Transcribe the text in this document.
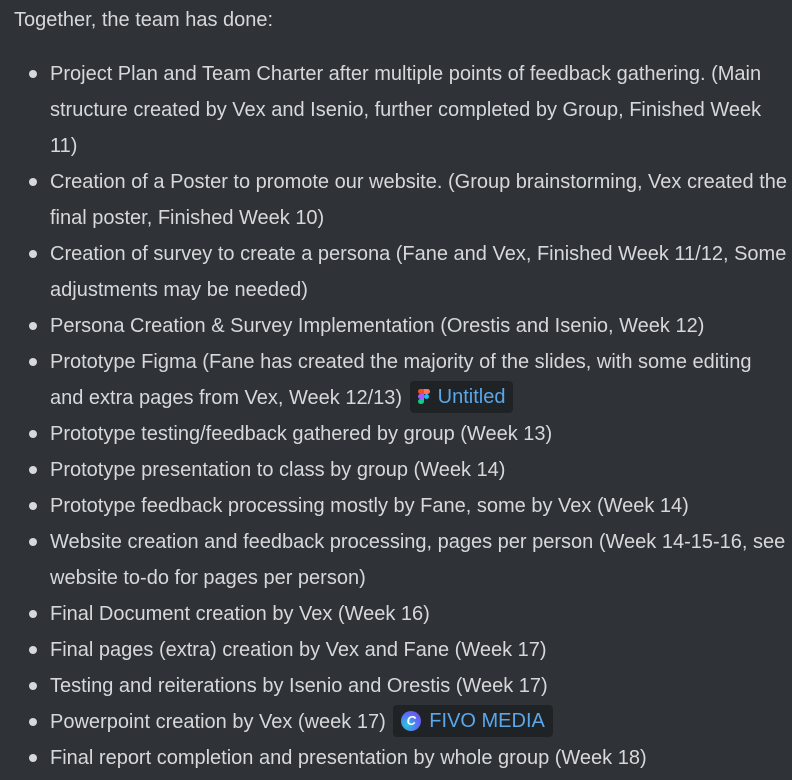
Together, the team has done:

Project Plan and Team Charter after multiple points of feedback gathering. (Main structure created by Vex and Isenio, further completed by Group, Finished Week 11)
Creation of a Poster to promote our website. (Group brainstorming, Vex created the final poster, Finished Week 10)
Creation of survey to create a persona (Fane and Vex, Finished Week 11/12, Some adjustments may be needed)
Persona Creation & Survey Implementation (Orestis and Isenio, Week 12)
Prototype Figma (Fane has created the majority of the slides, with some editing and extra pages from Vex, Week 12/13) Untitled
Prototype testing/feedback gathered by group (Week 13)
Prototype presentation to class by group (Week 14)
Prototype feedback processing mostly by Fane, some by Vex (Week 14)
Website creation and feedback processing, pages per person (Week 14-15-16, see website to-do for pages per person)
Final Document creation by Vex (Week 16)
Final pages (extra) creation by Vex and Fane (Week 17)
Testing and reiterations by Isenio and Orestis (Week 17)
Powerpoint creation by Vex (week 17)	C FIVO MEDIA
Final report completion and presentation by whole group (Week 18)
